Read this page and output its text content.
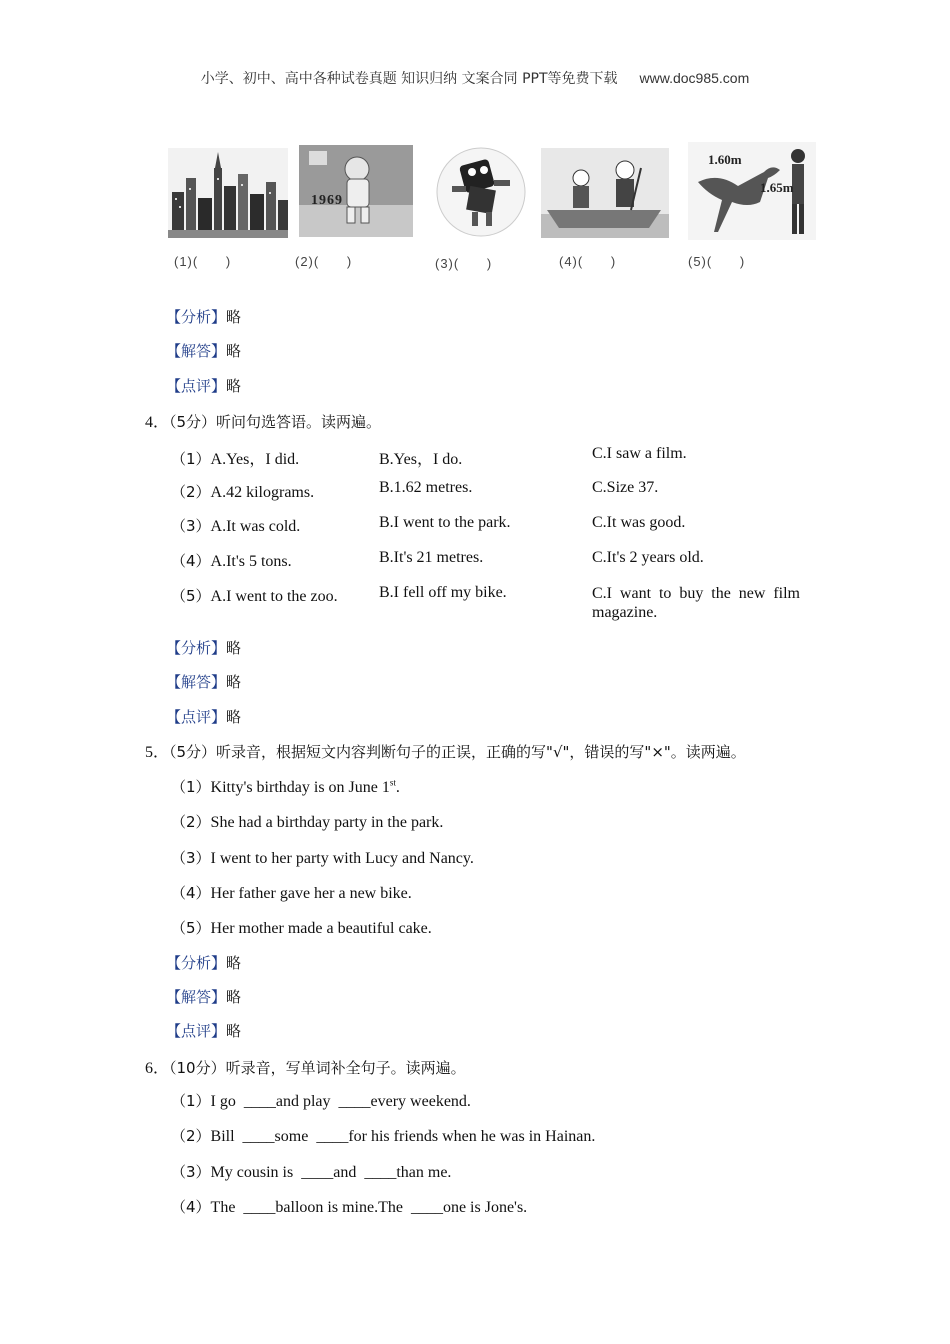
小学、初中、高中各种试卷真题 知识归纳 文案合同 PPT等免费下载 www.doc985.com
(1)(      )
1969
(2)(      )	(3)(      )	(4)(      )
1.60m
1.65m
(5)(      )
【分析】略
【解答】略
【点评】略
4．（5分）听问句选答语。读两遍。
（1）A.Yes，I did.	B.Yes，I do.	C.I saw a film.
（2）A.42 kilograms.	B.1.62 metres.	C.Size 37.
（3）A.It was cold.	B.I went to the park.	C.It was good.
（4）A.It's 5 tons.	B.It's 21 metres.	C.It's 2 years old.
（5）A.I went to the zoo.	B.I fell off my bike.	C.I want to buy the new film magazine.
【分析】略
【解答】略
【点评】略
5．（5分）听录音，根据短文内容判断句子的正误，正确的写"√"，错误的写"×"。读两遍。
（1）Kitty's birthday is on June 1st.
（2）She had a birthday party in the park.
（3）I went to her party with Lucy and Nancy.
（4）Her father gave her a new bike.
（5）Her mother made a beautiful cake.
【分析】略
【解答】略
【点评】略
6．（10分）听录音，写单词补全句子。读两遍。
（1）I go  ____and play  ____every weekend.
（2）Bill  ____some  ____for his friends when he was in Hainan.
（3）My cousin is  ____and  ____than me.
（4）The  ____balloon is mine.The  ____one is Jone's.
